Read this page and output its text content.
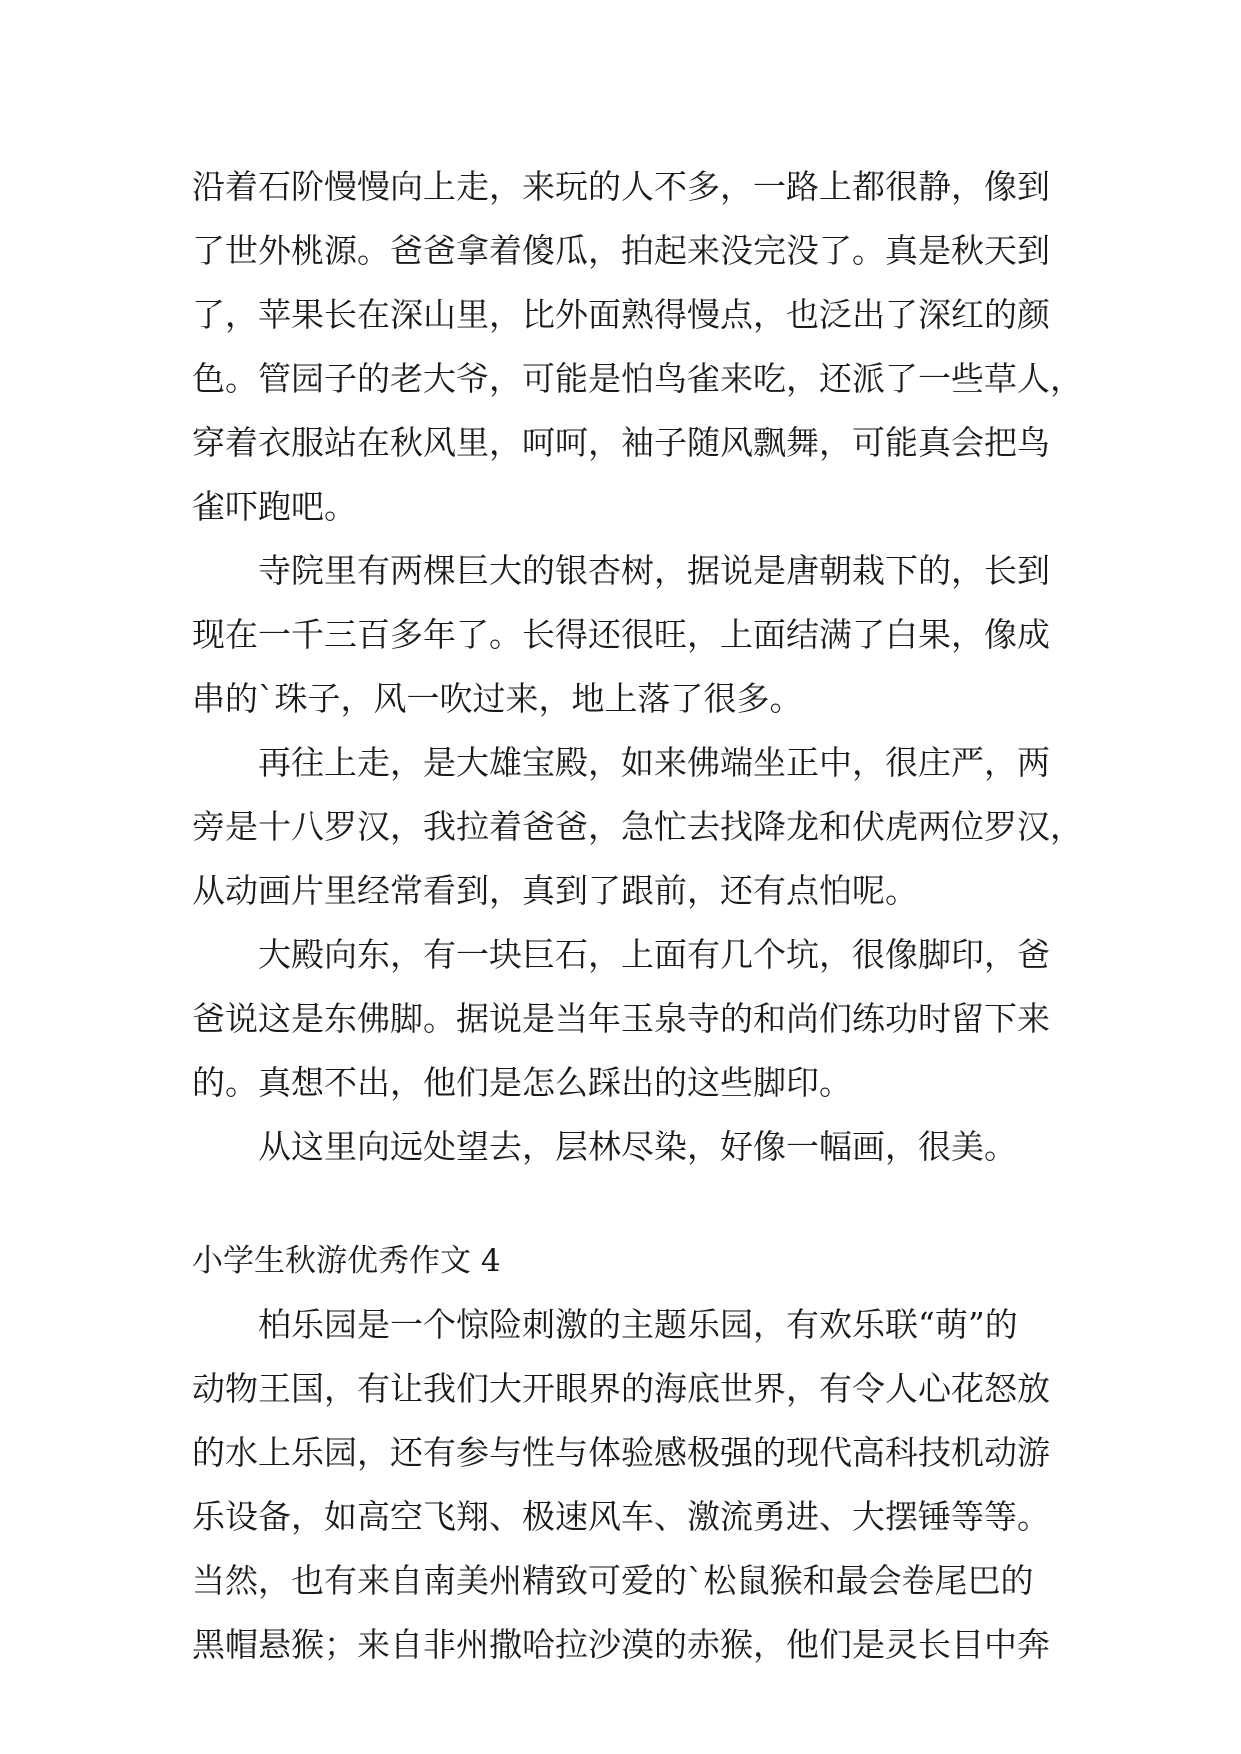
沿着石阶慢慢向上走，来玩的人不多，一路上都很静，像到
了世外桃源。爸爸拿着傻瓜，拍起来没完没了。真是秋天到
了，苹果长在深山里，比外面熟得慢点，也泛出了深红的颜
色。管园子的老大爷，可能是怕鸟雀来吃，还派了一些草人，
穿着衣服站在秋风里，呵呵，袖子随风飘舞，可能真会把鸟
雀吓跑吧。
寺院里有两棵巨大的银杏树，据说是唐朝栽下的，长到
现在一千三百多年了。长得还很旺，上面结满了白果，像成
串的`珠子，风一吹过来，地上落了很多。
再往上走，是大雄宝殿，如来佛端坐正中，很庄严，两
旁是十八罗汉，我拉着爸爸，急忙去找降龙和伏虎两位罗汉，
从动画片里经常看到，真到了跟前，还有点怕呢。
大殿向东，有一块巨石，上面有几个坑，很像脚印，爸
爸说这是东佛脚。据说是当年玉泉寺的和尚们练功时留下来
的。真想不出，他们是怎么踩出的这些脚印。
从这里向远处望去，层林尽染，好像一幅画，很美。
小学生秋游优秀作文 4
柏乐园是一个惊险刺激的主题乐园，有欢乐联“萌”的
动物王国，有让我们大开眼界的海底世界，有令人心花怒放
的水上乐园，还有参与性与体验感极强的现代高科技机动游
乐设备，如高空飞翔、极速风车、激流勇进、大摆锤等等。
当然，也有来自南美州精致可爱的`松鼠猴和最会卷尾巴的
黑帽悬猴；来自非州撒哈拉沙漠的赤猴，他们是灵长目中奔
